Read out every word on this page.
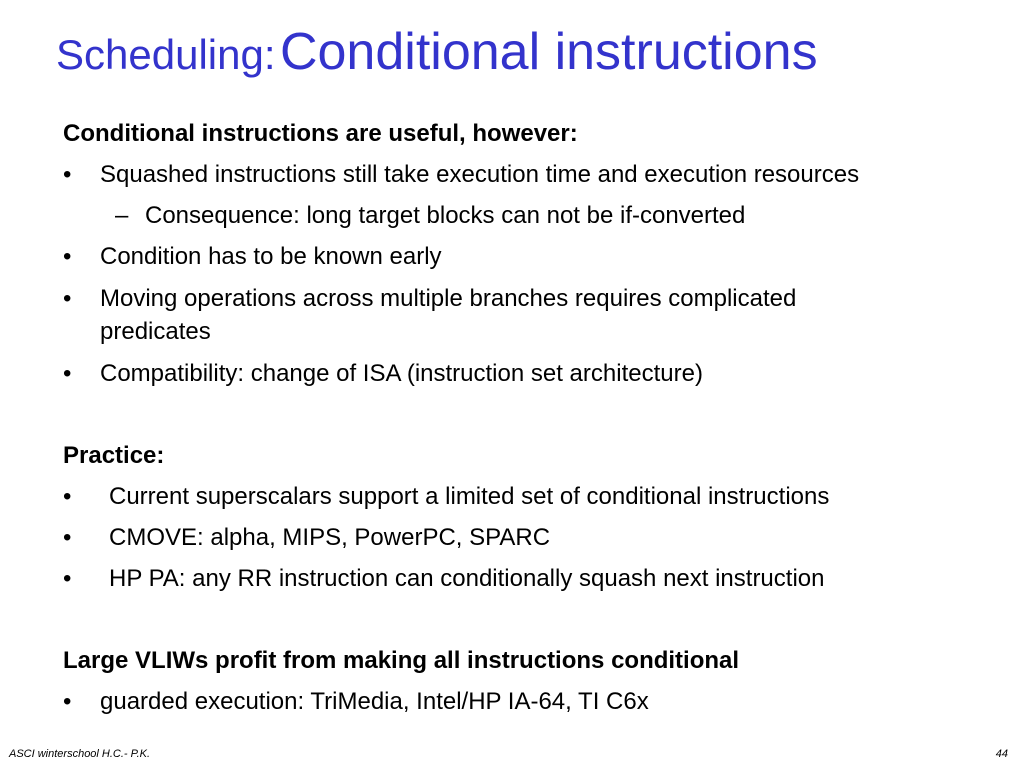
Scheduling: Conditional instructions
Conditional instructions are useful, however:
• Squashed instructions still take execution time and execution resources
– Consequence: long target blocks can not be if-converted
• Condition has to be known early
• Moving operations across multiple branches requires complicated
predicates
• Compatibility: change of ISA (instruction set architecture)
Practice:
• Current superscalars support a limited set of conditional instructions
• CMOVE: alpha, MIPS, PowerPC, SPARC
• HP PA: any RR instruction can conditionally squash next instruction
Large VLIWs profit from making all instructions conditional
• guarded execution: TriMedia, Intel/HP IA-64, TI C6x
ASCI winterschool H.C.- P.K.	44
